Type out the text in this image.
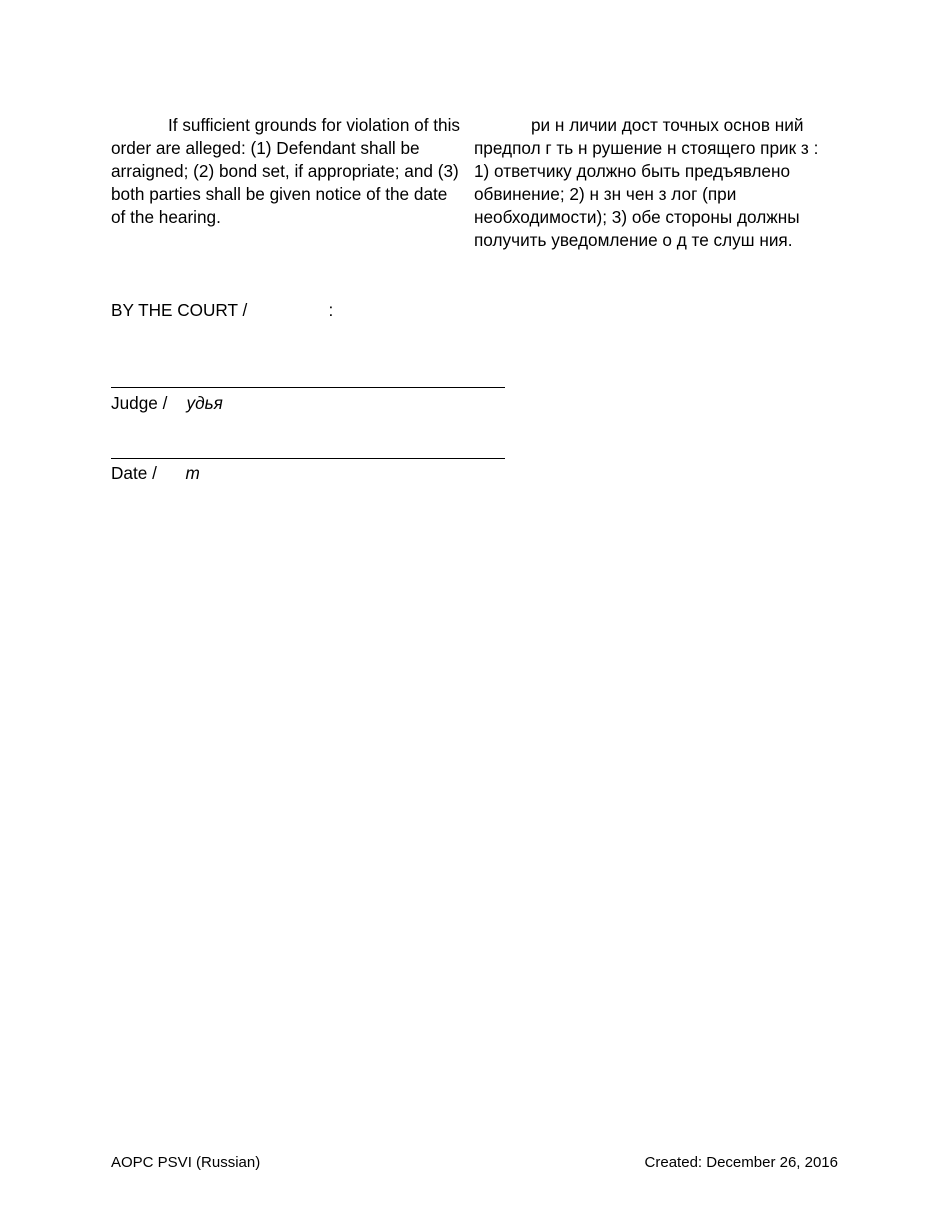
If sufficient grounds for violation of this order are alleged: (1) Defendant shall be arraigned; (2) bond set, if appropriate; and (3) both parties shall be given notice of the date of the hearing.

ри н личии дост точных основ ний предпол г ть н рушение н стоящего прик з : 1) ответчику должно быть предъявлено обвинение; 2) н зн чен з лог (при необходимости); 3) обе стороны должны получить уведомление о д те слуш ния.

BY THE COURT /                 :
Judge / удья
Date / т
AOPC PSVI (Russian)	Created: December 26, 2016
